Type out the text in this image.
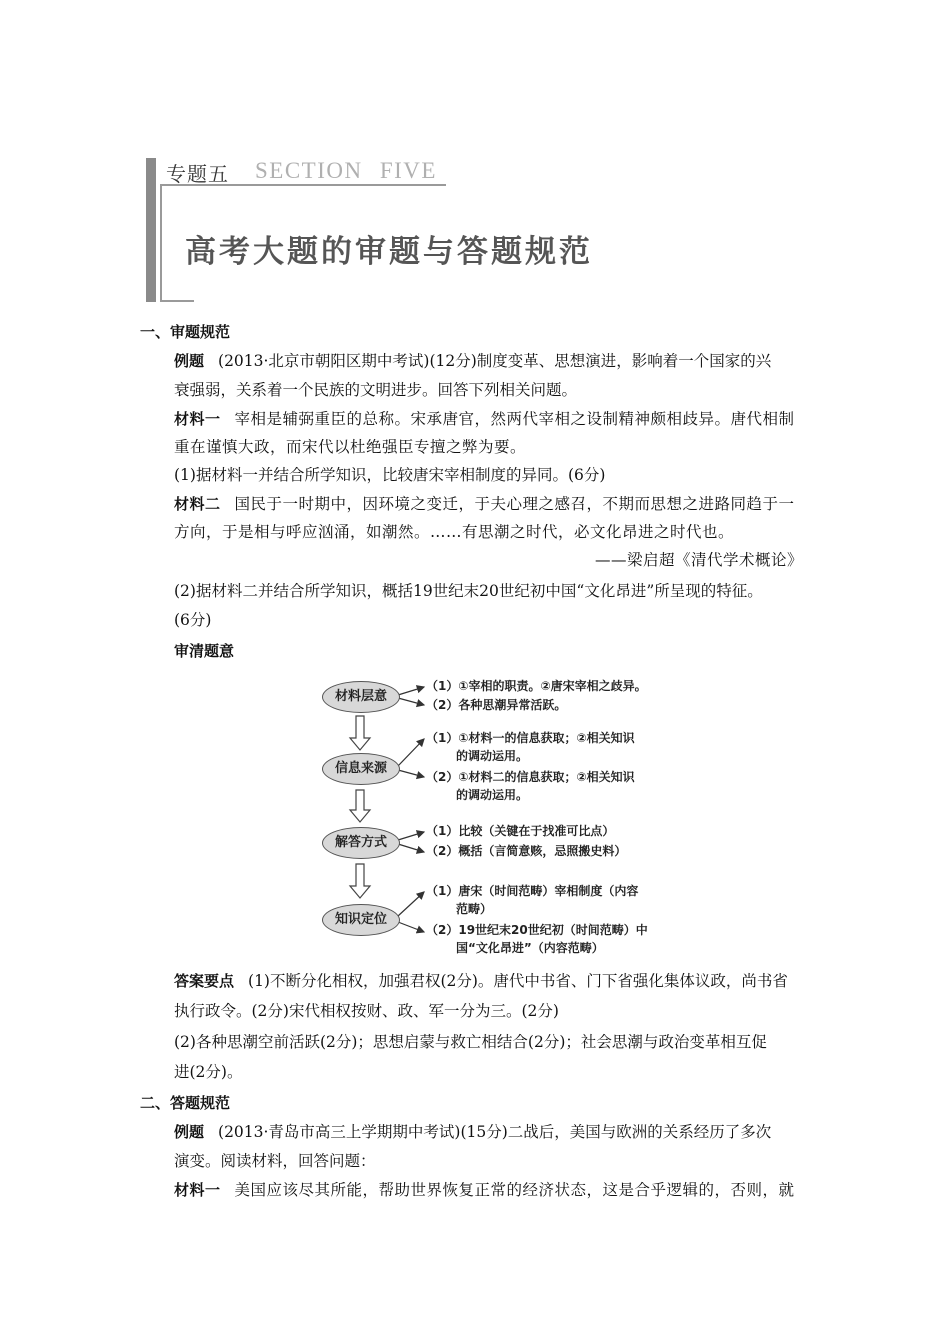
专题五 SECTION FIVE
高考大题的审题与答题规范
一、审题规范
例题 (2013·北京市朝阳区期中考试)(12分)制度变革、思想演进，影响着一个国家的兴
衰强弱，关系着一个民族的文明进步。回答下列相关问题。
材料一 宰相是辅弼重臣的总称。宋承唐官，然两代宰相之设制精神颇相歧异。唐代相制
重在谨慎大政，而宋代以杜绝强臣专擅之弊为要。
(1)据材料一并结合所学知识，比较唐宋宰相制度的异同。(6分)
材料二 国民于一时期中，因环境之变迁，于夫心理之感召，不期而思想之进路同趋于一
方向，于是相与呼应汹涌，如潮然。……有思潮之时代，必文化昂进之时代也。
——梁启超《清代学术概论》
(2)据材料二并结合所学知识，概括19世纪末20世纪初中国“文化昂进”所呈现的特征。
(6分)
审清题意
材料层意
信息来源
解答方式
知识定位
（1）①宰相的职责。②唐宋宰相之歧异。
（2）各种思潮异常活跃。
（1）①材料一的信息获取；②相关知识
的调动运用。
（2）①材料二的信息获取；②相关知识
的调动运用。
（1）比较（关键在于找准可比点）
（2）概括（言简意赅，忌照搬史料）
（1）唐宋（时间范畴）宰相制度（内容
范畴）
（2）19世纪末20世纪初（时间范畴）中
国“文化昂进”（内容范畴）
答案要点 (1)不断分化相权，加强君权(2分)。唐代中书省、门下省强化集体议政，尚书省
执行政令。(2分)宋代相权按财、政、军一分为三。(2分)
(2)各种思潮空前活跃(2分)；思想启蒙与救亡相结合(2分)；社会思潮与政治变革相互促
进(2分)。
二、答题规范
例题 (2013·青岛市高三上学期期中考试)(15分)二战后，美国与欧洲的关系经历了多次
演变。阅读材料，回答问题：
材料一 美国应该尽其所能，帮助世界恢复正常的经济状态，这是合乎逻辑的，否则，就
